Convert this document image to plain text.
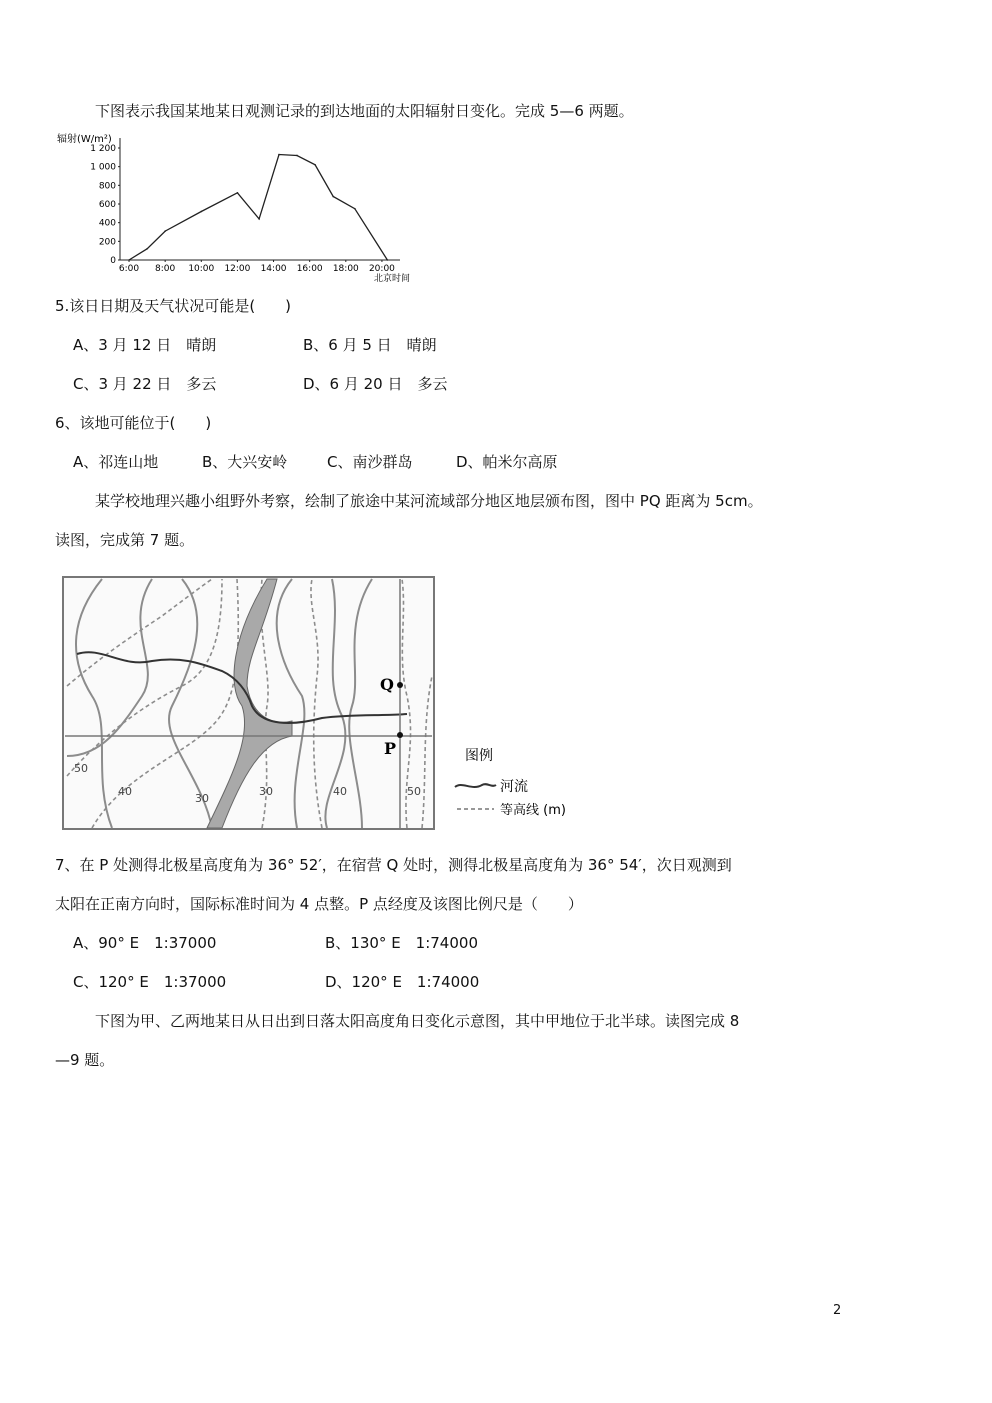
下图表示我国某地某日观测记录的到达地面的太阳辐射日变化。完成 5—6 两题。
辐射(W/m²)
0
200
400
600
800
1 000
1 200
6:00 8:00 10:00 12:00 14:00 16:00 18:00 20:00
北京时间
5.该日日期及天气状况可能是(　　)
A、3 月 12 日　晴朗	B、6 月 5 日　晴朗
C、3 月 22 日　多云	D、6 月 20 日　多云
6、该地可能位于(　　)
A、祁连山地	B、大兴安岭	C、南沙群岛	D、帕米尔高原
某学校地理兴趣小组野外考察，绘制了旅途中某河流域部分地区地层颁布图，图中 PQ 距离为 5cm。
读图，完成第 7 题。
Q
P
50
40
30
30	40	50
图例
河流
等高线 (m)
7、在 P 处测得北极星高度角为 36° 52′，在宿营 Q 处时，测得北极星高度角为 36° 54′，次日观测到
太阳在正南方向时，国际标准时间为 4 点整。P 点经度及该图比例尺是（　　）
A、90° E　1:37000	B、130° E　1:74000
C、120° E　1:37000	D、120° E　1:74000
下图为甲、乙两地某日从日出到日落太阳高度角日变化示意图，其中甲地位于北半球。读图完成 8
—9 题。
2
